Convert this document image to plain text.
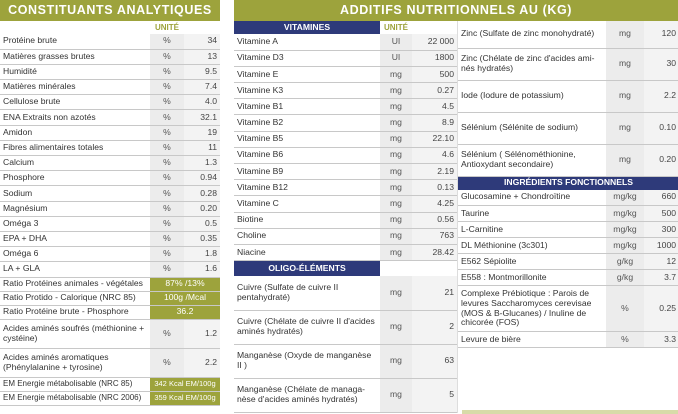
CONSTITUANTS ANALYTIQUES
	UNITÉ	
Protéine brute	%	34
Matières grasses brutes	%	13
Humidité	%	9.5
Matières minérales	%	7.4
Cellulose brute	%	4.0
ENA Extraits non azotés	%	32.1
Amidon	%	19
Fibres alimentaires totales	%	11
Calcium	%	1.3
Phosphore	%	0.94
Sodium	%	0.28
Magnésium	%	0.20
Oméga 3	%	0.5
EPA + DHA	%	0.35
Oméga 6	%	1.8
LA + GLA	%	1.6
Ratio Protéines animales - végétales	87% /13%	
Ratio Protido - Calorique (NRC 85)	100g /Mcal	
Ratio Protéine brute - Phosphore	36.2	
Acides aminés soufrés (méthionine + cystéine)	%	1.2
Acides aminés aromatiques (Phénylalanine + tyrosine)	%	2.2
EM Energie métabolisable (NRC 85)	342 Kcal EM/100g	
EM Energie métabolisable (NRC 2006)	359 Kcal EM/100g	
ADDITIFS NUTRITIONNELS AU (KG)
VITAMINES	UNITÉ	
Vitamine A	UI	22 000
Vitamine D3	UI	1800
Vitamine E	mg	500
Vitamine K3	mg	0.27
Vitamine B1	mg	4.5
Vitamine B2	mg	8.9
Vitamine B5	mg	22.10
Vitamine B6	mg	4.6
Vitamine B9	mg	2.19
Vitamine B12	mg	0.13
Vitamine C	mg	4.25
Biotine	mg	0.56
Choline	mg	763
Niacine	mg	28.42
OLIGO-ÉLÉMENTS		
Cuivre (Sulfate de cuivre II pentahydraté)	mg	21
Cuivre (Chélate de cuivre II d'acides aminés hydratés)	mg	2
Manganèse (Oxyde de manganèse II )	mg	63
Manganèse (Chélate de managa-nèse d'acides aminés hydratés)	mg	5
Zinc (Sulfate de zinc monohydraté)	mg	120
Zinc (Chélate de zinc d'acides ami-nés hydratés)	mg	30
Iode (Iodure de potassium)	mg	2.2
Sélénium (Sélénite de sodium)	mg	0.10
Sélénium ( Sélénométhionine, Antioxydant secondaire)	mg	0.20
INGRÉDIENTS FONCTIONNELS		
Glucosamine + Chondroïtine	mg/kg	660
Taurine	mg/kg	500
L-Carnitine	mg/kg	300
DL Méthionine (3c301)	mg/kg	1000
E562 Sépiolite	g/kg	12
E558 : Montmorillonite	g/kg	3.7
Complexe Prébiotique : Parois de levures Saccharomyces cerevisae (MOS & B-Glucanes) / Inuline de chicorée (FOS)	%	0.25
Levure de bière	%	3.3
